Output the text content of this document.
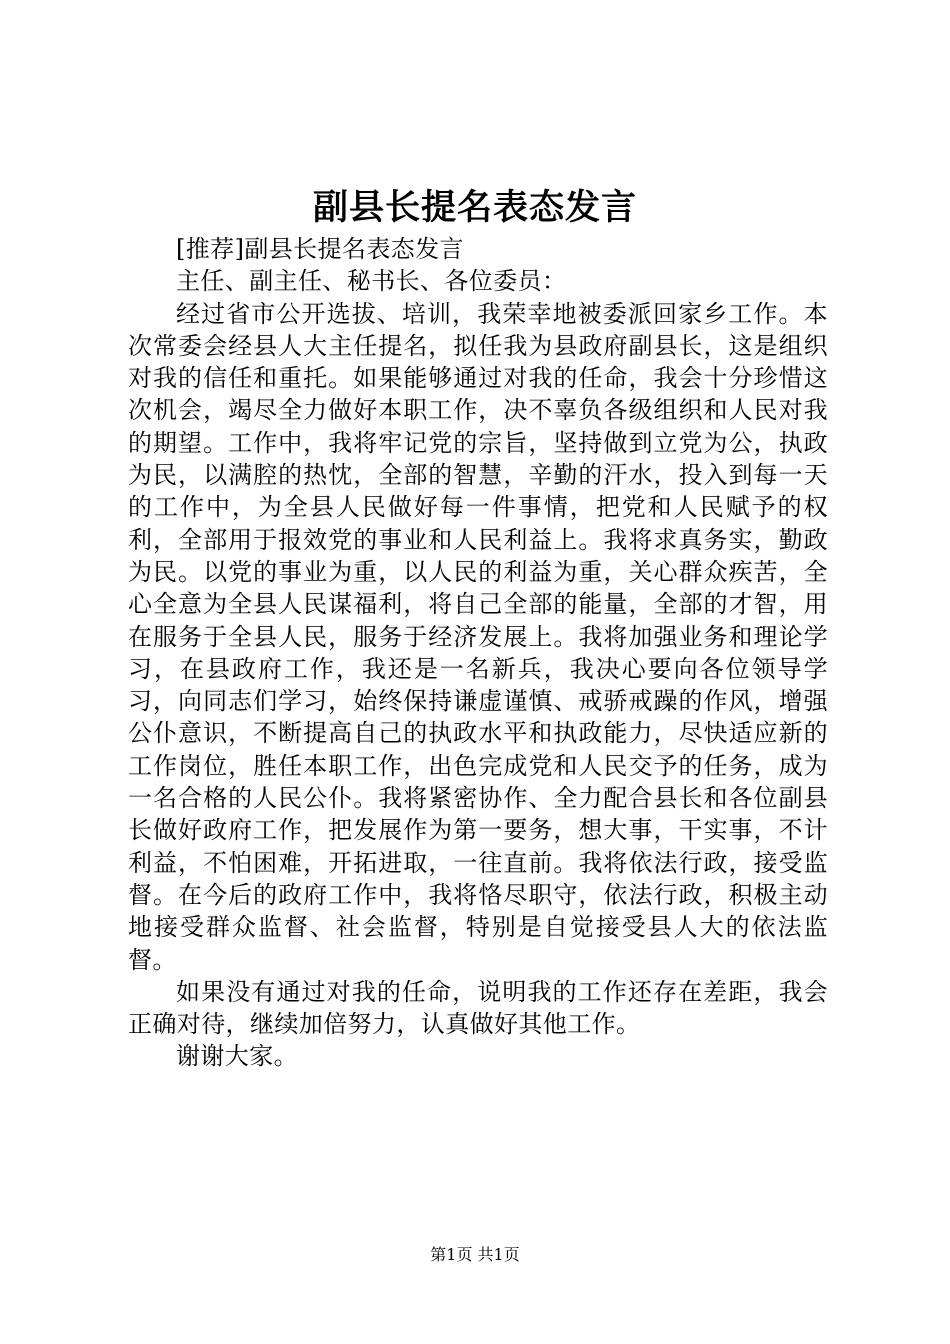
副县长提名表态发言

[推荐]副县长提名表态发言

主任、副主任、秘书长、各位委员：

经过省市公开选拔、培训，我荣幸地被委派回家乡工作。本次常委会经县人大主任提名，拟任我为县政府副县长，这是组织对我的信任和重托。如果能够通过对我的任命，我会十分珍惜这次机会，竭尽全力做好本职工作，决不辜负各级组织和人民对我的期望。工作中，我将牢记党的宗旨，坚持做到立党为公，执政为民，以满腔的热忱，全部的智慧，辛勤的汗水，投入到每一天的工作中，为全县人民做好每一件事情，把党和人民赋予的权利，全部用于报效党的事业和人民利益上。我将求真务实，勤政为民。以党的事业为重，以人民的利益为重，关心群众疾苦，全心全意为全县人民谋福利，将自己全部的能量，全部的才智，用在服务于全县人民，服务于经济发展上。我将加强业务和理论学习，在县政府工作，我还是一名新兵，我决心要向各位领导学习，向同志们学习，始终保持谦虚谨慎、戒骄戒躁的作风，增强公仆意识，不断提高自己的执政水平和执政能力，尽快适应新的工作岗位，胜任本职工作，出色完成党和人民交予的任务，成为一名合格的人民公仆。我将紧密协作、全力配合县长和各位副县长做好政府工作，把发展作为第一要务，想大事，干实事，不计利益，不怕困难，开拓进取，一往直前。我将依法行政，接受监督。在今后的政府工作中，我将恪尽职守，依法行政，积极主动地接受群众监督、社会监督，特别是自觉接受县人大的依法监督。

如果没有通过对我的任命，说明我的工作还存在差距，我会正确对待，继续加倍努力，认真做好其他工作。

谢谢大家。

第1页 共1页
